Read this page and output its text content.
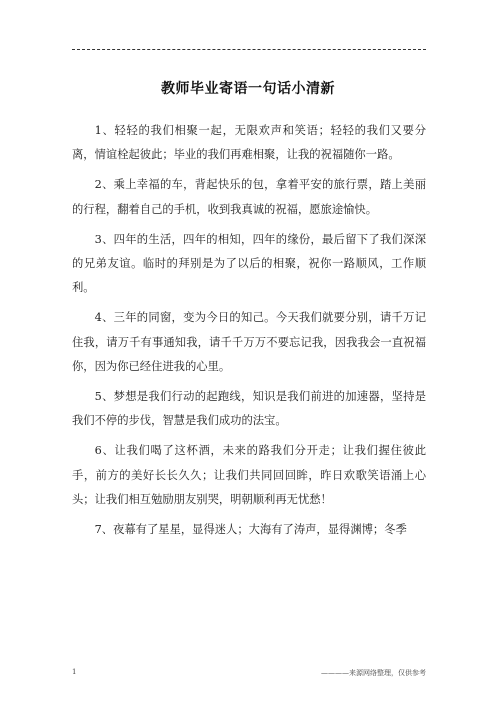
教师毕业寄语一句话小清新

1、轻轻的我们相聚一起，无限欢声和笑语；轻轻的我们又要分离，情谊栓起彼此；毕业的我们再难相聚，让我的祝福随你一路。

2、乘上幸福的车，背起快乐的包，拿着平安的旅行票，踏上美丽的行程，翻着自己的手机，收到我真诚的祝福，愿旅途愉快。

3、四年的生活，四年的相知，四年的缘份，最后留下了我们深深的兄弟友谊。临时的拜别是为了以后的相聚，祝你一路顺风，工作顺利。

4、三年的同窗，变为今日的知己。今天我们就要分别，请千万记住我，请万千有事通知我，请千千万万不要忘记我，因我我会一直祝福你，因为你已经住进我的心里。

5、梦想是我们行动的起跑线，知识是我们前进的加速器，坚持是我们不停的步伐，智慧是我们成功的法宝。

6、让我们喝了这杯酒，未来的路我们分开走；让我们握住彼此手，前方的美好长长久久；让我们共同回回眸，昨日欢歌笑语涌上心头；让我们相互勉励朋友别哭，明朝顺利再无忧愁！

7、夜幕有了星星，显得迷人；大海有了涛声，显得渊博；冬季

1	————来源网络整理，仅供参考
